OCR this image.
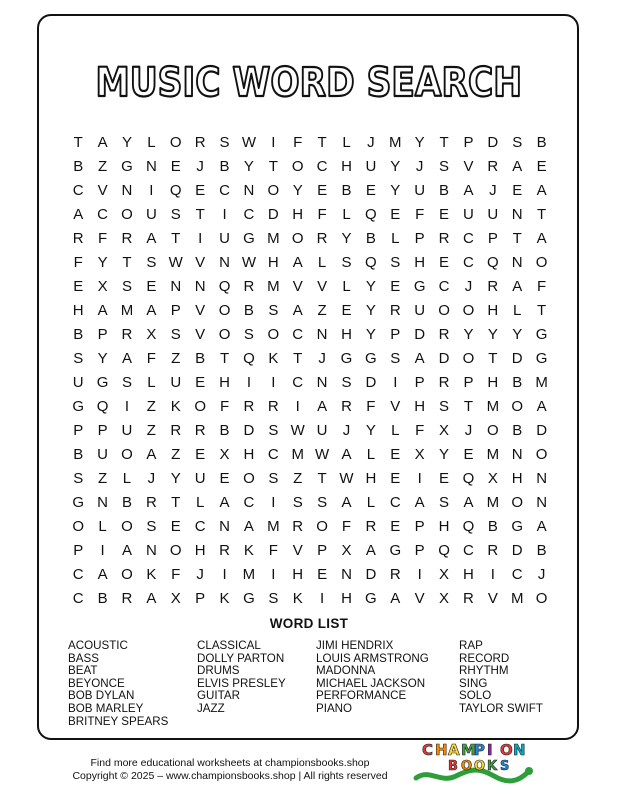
MUSIC WORD SEARCH
T A Y	L O R S W	I	F	T	L	J M Y T P D S B
B Z G N E	J	B Y T O C H U Y	J	S V R A E
C V N	I	Q E C N O Y E B E Y U B A	J	E A
A C O U S T	I	C D H F	L Q E F E U U N T
R F R A T	I	U G M O R Y B	L	P R C P T A
F Y T S W V N W H A	L	S Q S H E C Q N O
E X S E N N Q R M V V	L	Y E G C	J	R A F
H A M A P V O B S A Z E Y R U O O H L	T
B P R X S V O S O C N H Y P D R Y Y Y G
S Y A F	Z B T Q K T	J G G S A D O T D G
U G S	L U E H	I	I	C N S D	I	P R P H B M
G Q	I	Z K O F R R	I	A R F V H S T M O A
P P U Z R R B D S W U	J	Y	L	F X	J O B D
B U O A Z E X H C M W A	L	E X Y E M N O
S Z	L	J	Y U E O S Z	T W H E	I	E Q X H N
G N B R T	L	A C	I	S S A	L C A S A M O N
O L O S E C N A M R O F R E P H Q B G A
P	I	A N O H R K F V P X A G P Q C R D B
C A O K F	J	I	M	I	H E N D R	I	X H	I	C	J
C B R A X P K G S K	I	H G A V X R V M O
WORD LIST
ACOUSTIC
BASS
BEAT
BEYONCE
BOB DYLAN
BOB MARLEY
BRITNEY SPEARS
CLASSICAL
DOLLY PARTON
DRUMS
ELVIS PRESLEY
GUITAR
JAZZ
JIMI HENDRIX
LOUIS ARMSTRONG
MADONNA
MICHAEL JACKSON
PERFORMANCE
PIANO
RAP
RECORD
RHYTHM
SING
SOLO
TAYLOR SWIFT
Find more educational worksheets at championsbooks.shop
Copyright © 2025 – www.championsbooks.shop | All rights reserved
C H A M
P I O N
B O O K S
